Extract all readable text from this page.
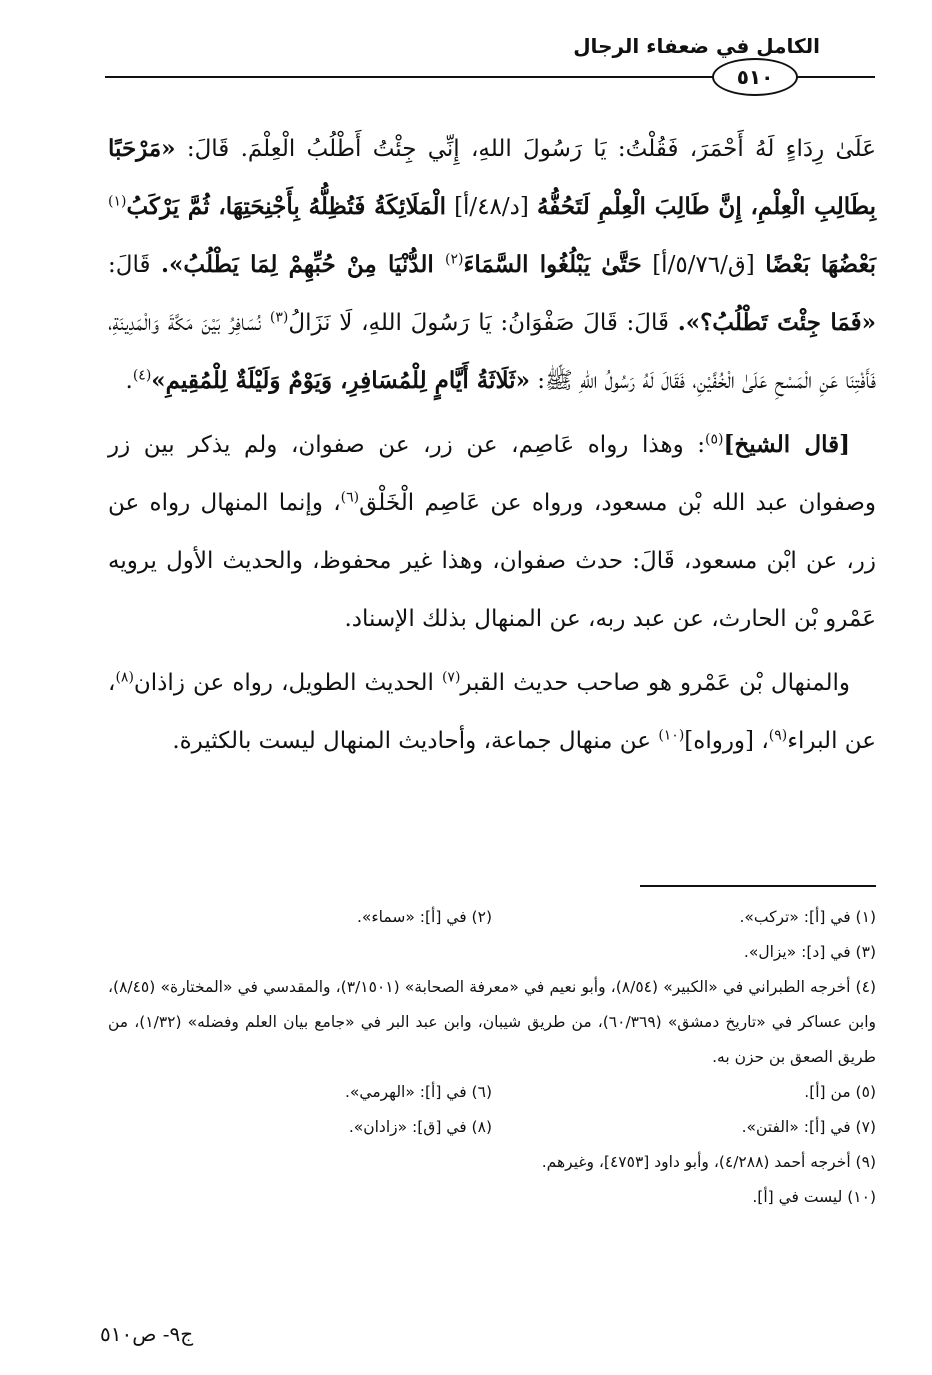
الكامل في ضعفاء الرجال
٥١٠

عَلَىٰ رِدَاءٍ لَهُ أَحْمَرَ، فَقُلْتُ: يَا رَسُولَ اللهِ، إِنِّي جِئْتُ أَطْلُبُ الْعِلْمَ. قَالَ: «مَرْحَبًا بِطَالِبِ الْعِلْمِ، إِنَّ طَالِبَ الْعِلْمِ لَتَحُفُّهُ [د/٤٨/أ] الْمَلَائِكَةُ فَتُظِلُّهُ بِأَجْنِحَتِهَا، ثُمَّ يَرْكَبُ$^{(١)}$ بَعْضُهَا بَعْضًا [ق/٥/٧٦/أ] حَتَّىٰ يَبْلُغُوا السَّمَاءَ$^{(٢)}$ الدُّنْيَا مِنْ حُبِّهِمْ لِمَا يَطْلُبُ». قَالَ: «فَمَا جِئْتَ تَطْلُبُ؟». قَالَ: قَالَ صَفْوَانُ: يَا رَسُولَ اللهِ، لَا نَزَالُ$^{(٣)}$ نُسَافِرُ بَيْنَ مَكَّةَ وَالْمَدِينَةِ، فَأَفْتِنَا عَنِ الْمَسْحِ عَلَىٰ الْخُفَّيْنِ، فَقَالَ لَهُ رَسُولُ اللهِ ﷺ: «ثَلَاثَةُ أَيَّامٍ لِلْمُسَافِرِ، وَيَوْمٌ وَلَيْلَةٌ لِلْمُقِيمِ»$^{(٤)}$.

[قال الشيخ]$^{(٥)}$: وهذا رواه عَاصِم، عن زر، عن صفوان، ولم يذكر بين زر وصفوان عبد الله بْن مسعود، ورواه عن عَاصِم الْخَلْق$^{(٦)}$، وإنما المنهال رواه عن زر، عن ابْن مسعود، قَالَ: حدث صفوان، وهذا غير محفوظ، والحديث الأول يرويه عَمْرو بْن الحارث، عن عبد ربه، عن المنهال بذلك الإسناد.

والمنهال بْن عَمْرو هو صاحب حديث القبر$^{(٧)}$ الحديث الطويل، رواه عن زاذان$^{(٨)}$، عن البراء$^{(٩)}$، [ورواه]$^{(١٠)}$ عن منهال جماعة، وأحاديث المنهال ليست بالكثيرة.

(١) في [أ]: «تركب».
(٢) في [أ]: «سماء».
(٣) في [د]: «يزال».
(٤) أخرجه الطبراني في «الكبير» (٨/٥٤)، وأبو نعيم في «معرفة الصحابة» (٣/١٥٠١)، والمقدسي في «المختارة» (٨/٤٥)، وابن عساكر في «تاريخ دمشق» (٦٠/٣٦٩)، من طريق شيبان، وابن عبد البر في «جامع بيان العلم وفضله» (١/٣٢)، من طريق الصعق بن حزن به.
(٥) من [أ].
(٦) في [أ]: «الهرمي».
(٧) في [أ]: «الفتن».
(٨) في [ق]: «زادان».
(٩) أخرجه أحمد (٤/٢٨٨)، وأبو داود [٤٧٥٣]، وغيرهم.
(١٠) ليست في [أ].
ج٩- ص٥١٠
